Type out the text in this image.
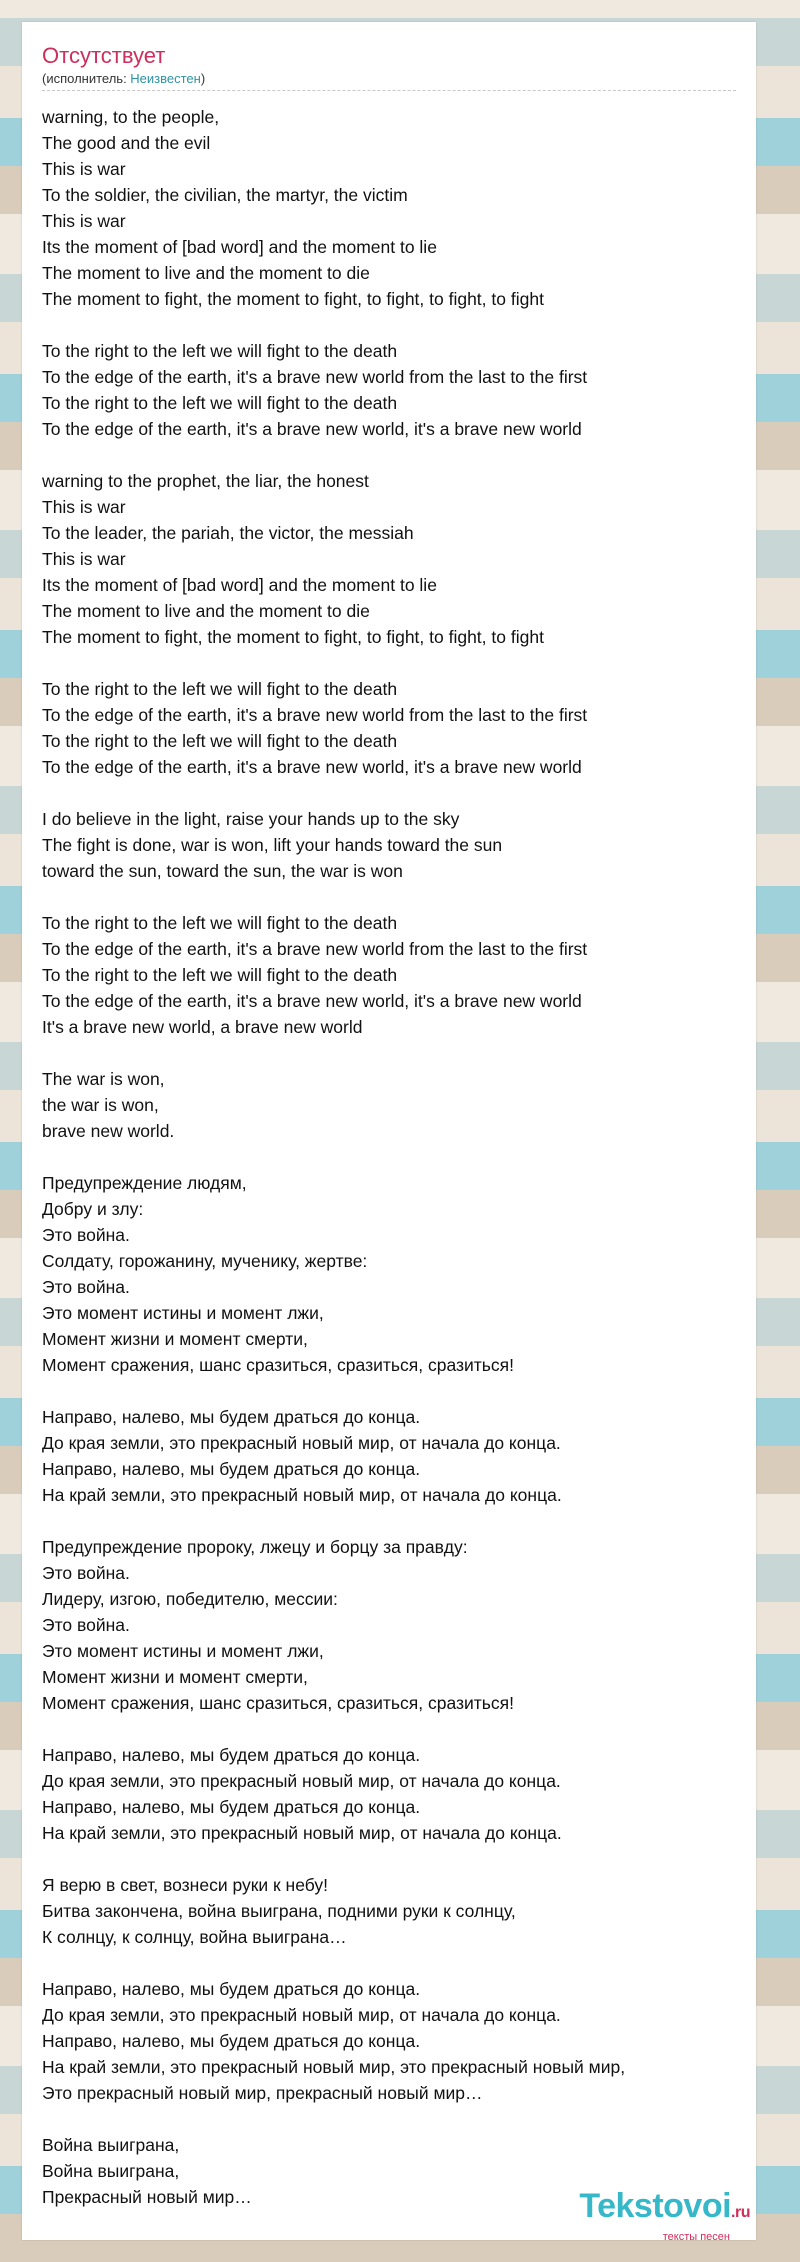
Отсутствует
(исполнитель: Неизвестен)
warning, to the people,
The good and the evil
This is war
To the soldier, the civilian, the martyr, the victim
This is war
Its the moment of [bad word] and the moment to lie
The moment to live and the moment to die
The moment to fight, the moment to fight, to fight, to fight, to fight
To the right to the left we will fight to the death
To the edge of the earth, it's a brave new world from the last to the first
To the right to the left we will fight to the death
To the edge of the earth, it's a brave new world, it's a brave new world
warning to the prophet, the liar, the honest
This is war
To the leader, the pariah, the victor, the messiah
This is war
Its the moment of [bad word] and the moment to lie
The moment to live and the moment to die
The moment to fight, the moment to fight, to fight, to fight, to fight
To the right to the left we will fight to the death
To the edge of the earth, it's a brave new world from the last to the first
To the right to the left we will fight to the death
To the edge of the earth, it's a brave new world, it's a brave new world
I do believe in the light, raise your hands up to the sky
The fight is done, war is won, lift your hands toward the sun
toward the sun, toward the sun, the war is won
To the right to the left we will fight to the death
To the edge of the earth, it's a brave new world from the last to the first
To the right to the left we will fight to the death
To the edge of the earth, it's a brave new world, it's a brave new world
It's a brave new world, a brave new world
The war is won,
the war is won,
brave new world.
Предупреждение людям,
Добру и злу:
Это война.
Солдату, горожанину, мученику, жертве:
Это война.
Это момент истины и момент лжи,
Момент жизни и момент смерти,
Момент сражения, шанс сразиться, сразиться, сразиться!
Направо, налево, мы будем драться до конца.
До края земли, это прекрасный новый мир, от начала до конца.
Направо, налево, мы будем драться до конца.
На край земли, это прекрасный новый мир, от начала до конца.
Предупреждение пророку, лжецу и борцу за правду:
Это война.
Лидеру, изгою, победителю, мессии:
Это война.
Это момент истины и момент лжи,
Момент жизни и момент смерти,
Момент сражения, шанс сразиться, сразиться, сразиться!
Направо, налево, мы будем драться до конца.
До края земли, это прекрасный новый мир, от начала до конца.
Направо, налево, мы будем драться до конца.
На край земли, это прекрасный новый мир, от начала до конца.
Я верю в свет, вознеси руки к небу!
Битва закончена, война выиграна, подними руки к солнцу,
К солнцу, к солнцу, война выиграна…
Направо, налево, мы будем драться до конца.
До края земли, это прекрасный новый мир, от начала до конца.
Направо, налево, мы будем драться до конца.
На край земли, это прекрасный новый мир, это прекрасный новый мир,
Это прекрасный новый мир, прекрасный новый мир…
Война выиграна,
Война выиграна,
Прекрасный новый мир…	Tekstovoi.ru
тексты песен
